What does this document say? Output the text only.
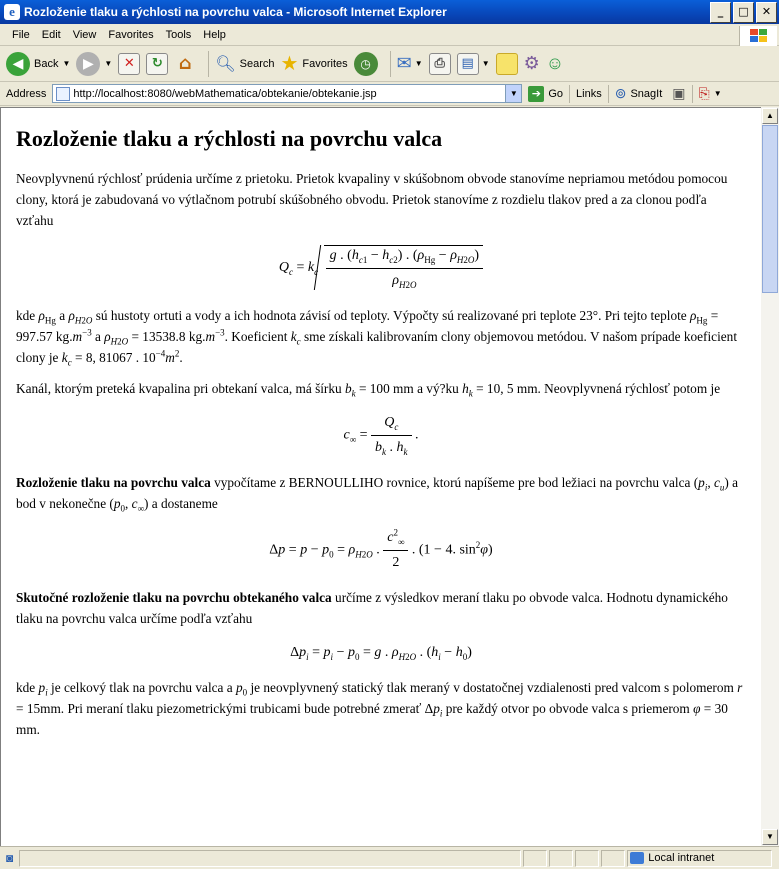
e Rozloženie tlaku a rýchlosti na povrchu valca - Microsoft Internet Explorer	_	□	✕
File	Edit	View	Favorites	Tools	Help
◀ Back ▼ ▶	▼ ✕	↻ ⌂ 🔍︎ Search ★ Favorites	◷	✉ ▼ ⎙	▤ ▼ ⚙ ☺
Address http://localhost:8080/webMathematica/obtekanie/obtekanie.jsp	▼	➔ Go Links ⊚ SnagIt ▣ ⎘ ▼
Rozloženie tlaku a rýchlosti na povrchu valca

Neovplyvnenú rýchlosť prúdenia určíme z prietoku. Prietok kvapaliny v skúšobnom obvode stanovíme nepriamou metódou pomocou clony, ktorá je zabudovaná vo výtlačnom potrubí skúšobného obvodu. Prietok stanovíme z rozdielu tlakov pred a za clonou podľa vzťahu

$Q_c = k_c \frac{g . (h_{c1} - h_{c2}) . (\rho_{Hg} - \rho_{H2O})}{\rho_{H2O}}$

kde $\rho_{Hg}$ a $\rho_{H2O}$ sú hustoty ortuti a vody a ich hodnota závisí od teploty. Výpočty sú realizované pri teplote 23°. Pri tejto teplote $\rho_{Hg} = 997.57$ $kg.m^{-3}$ a $\rho_{H2O} = 13538.8$ $kg.m^{-3}$. Koeficient $k_c$ sme získali kalibrovaním clony objemovou metódou. V našom prípade koeficient clony je $k_c = 8$, 81067 . $10^{-4}m^2$.

Kanál, ktorým preteká kvapalina pri obtekaní valca, má šírku $b_k = 100$ mm a vý?ku $h_k = 10$, 5 mm. Neovplyvnená rýchlosť potom je

$c_\infty = \frac{Q_c}{b_k . h_k}$ .

Rozloženie tlaku na povrchu valca vypočítame z BERNOULLIHO rovnice, ktorú napíšeme pre bod ležiaci na povrchu valca ($p_i$, $c_u$) a bod v nekonečne ($p_0$, $c_\infty$) a dostaneme

$\Delta p = p - p_0 = \rho_{H2O}$ . $\frac{c^2_\infty}{2}$ . (1 − 4. $\sin^2\varphi$)

Skutočné rozloženie tlaku na povrchu obtekaného valca určíme z výsledkov meraní tlaku po obvode valca. Hodnotu dynamického tlaku na povrchu valca určíme podľa vzťahu

$\Delta p_i = p_i - p_0 = g$ . $\rho_{H2O}$ . $(h_i - h_0)$

kde $p_i$ je celkový tlak na povrchu valca a $p_0$ je neovplyvnený statický tlak meraný v dostatočnej vzdialenosti pred valcom s polomerom r = 15mm. Pri meraní tlaku piezometrickými trubicami bude potrebné zmerať $\Delta p_i$ pre každý otvor po obvode valca s priemerom φ = 30 mm.

▲
▼
◙	Local intranet
